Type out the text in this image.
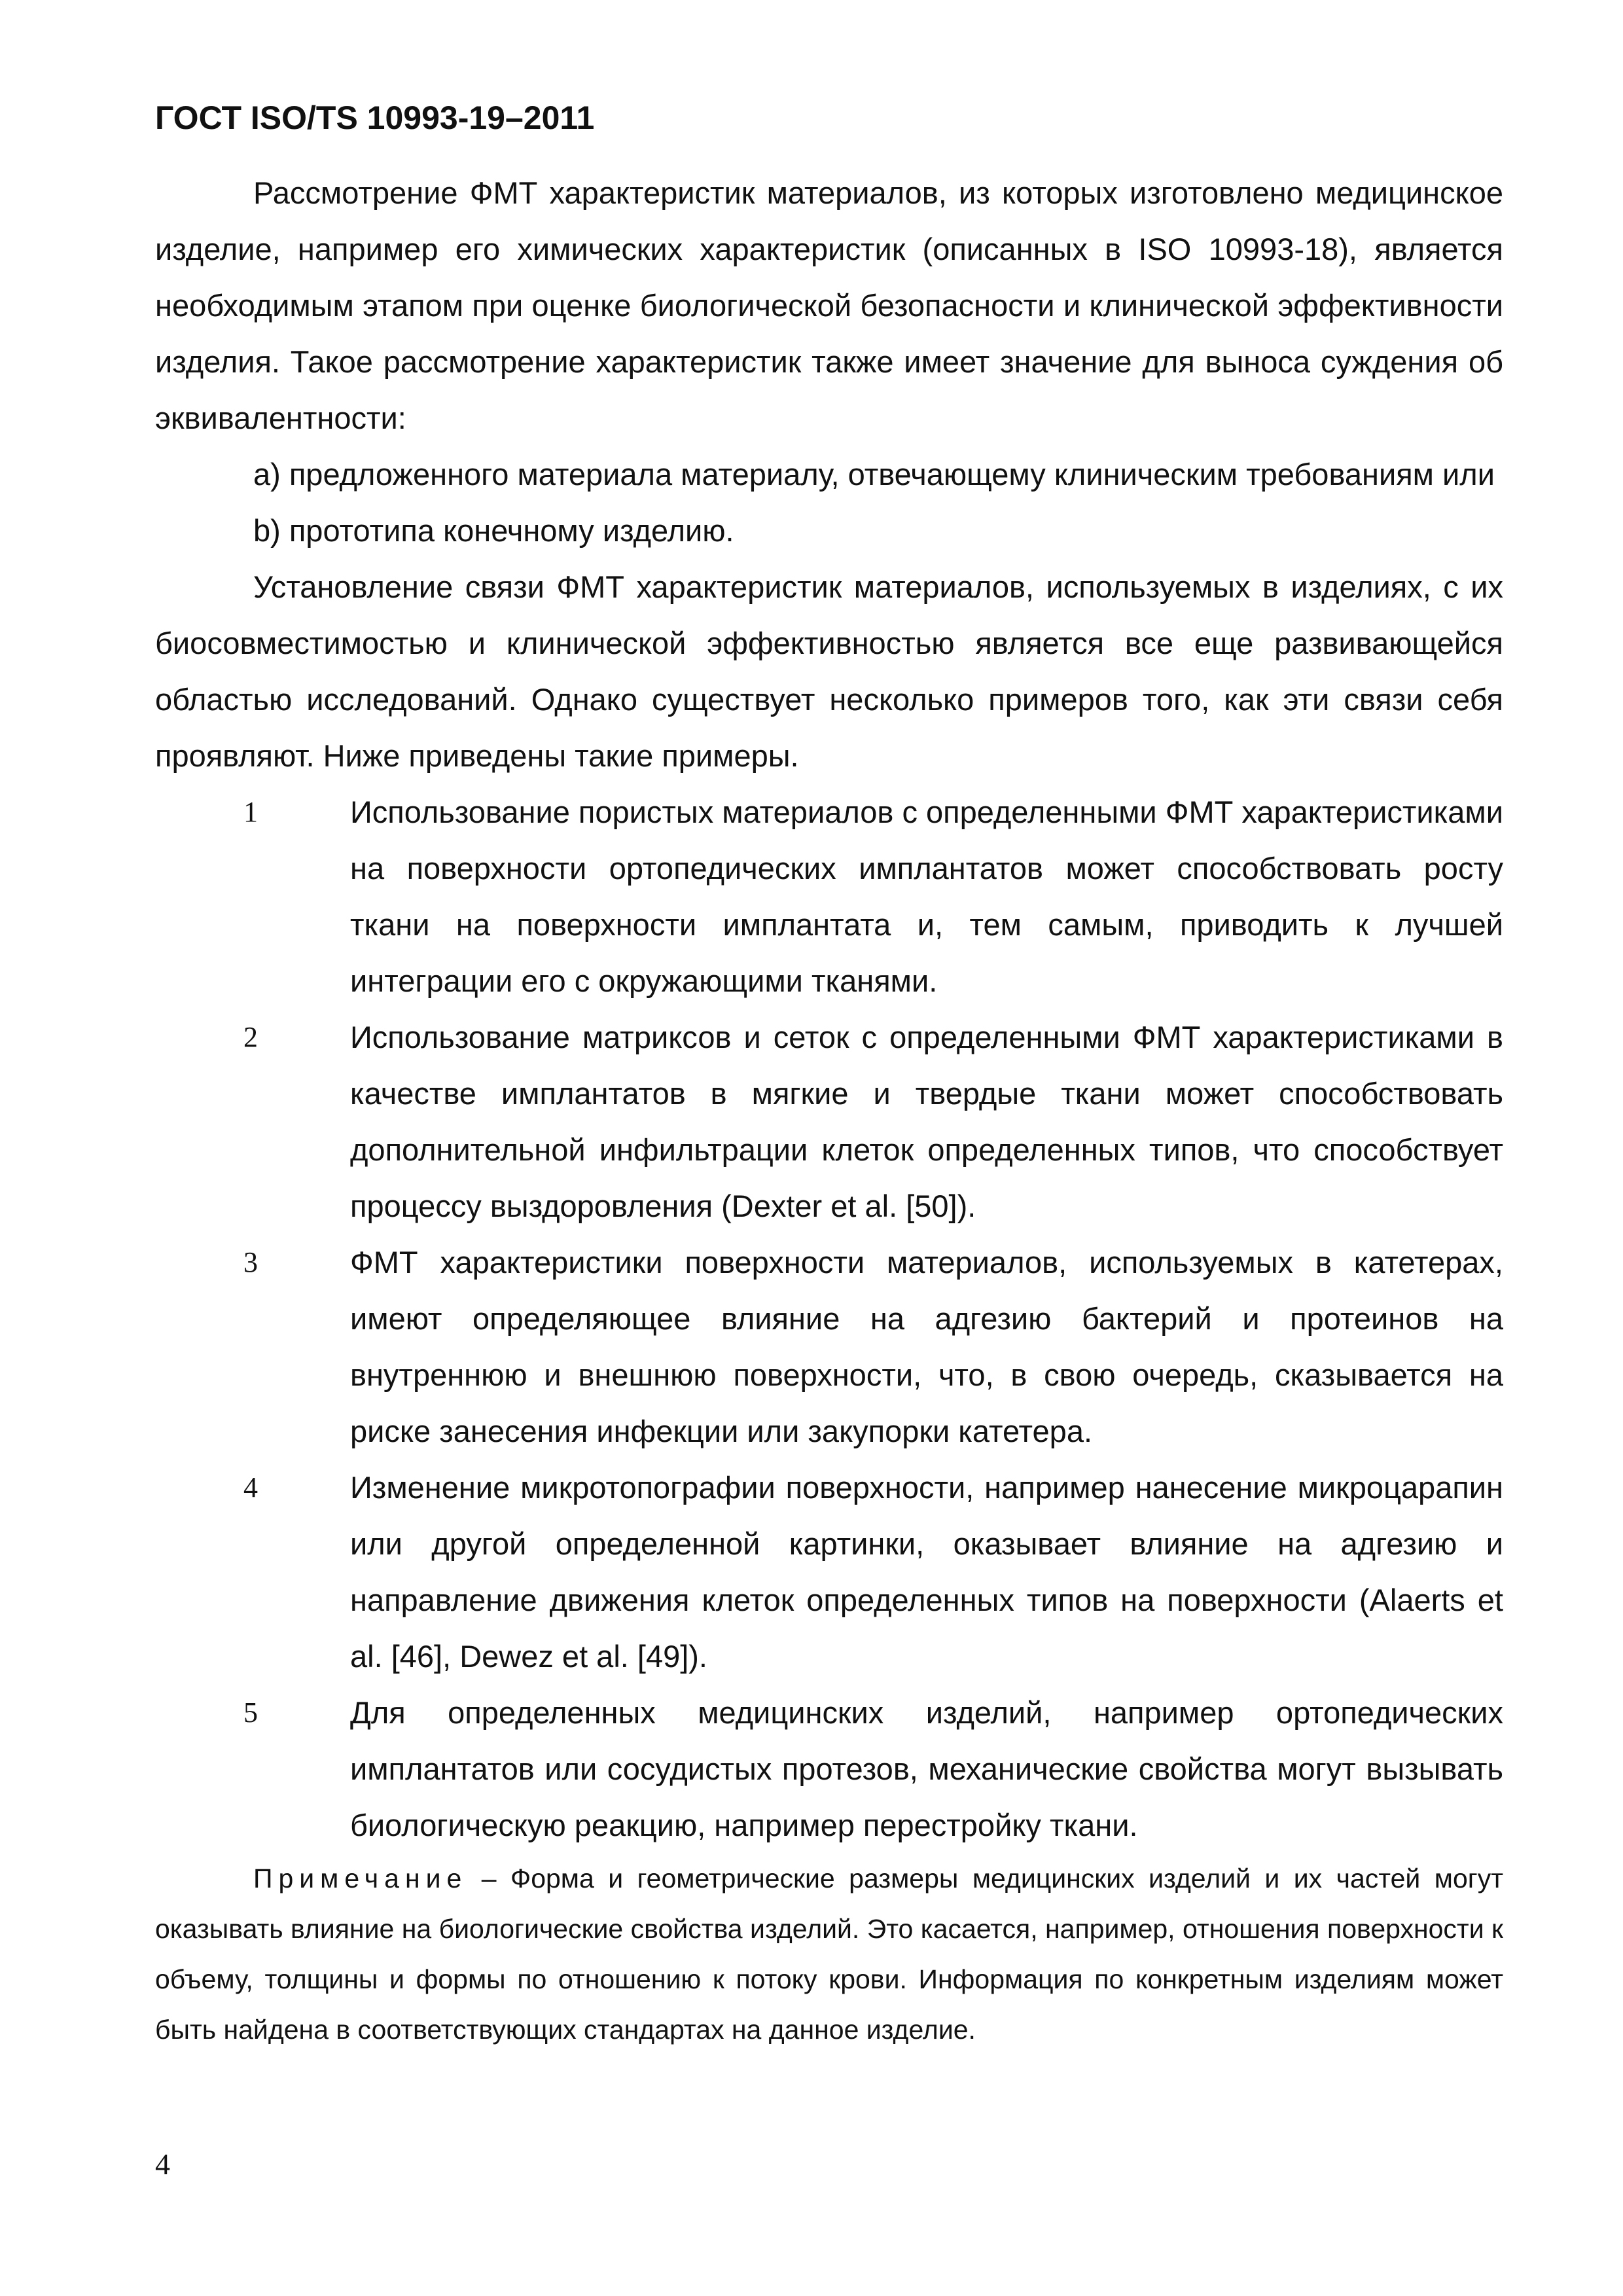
ГОСТ ISO/TS 10993-19–2011

Рассмотрение ФМТ характеристик материалов, из которых изготовлено медицинское изделие, например его химических характеристик (описанных в ISO 10993-18), является необходимым этапом при оценке биологической безопасности и клинической эффективности изделия. Такое рассмотрение характеристик также имеет значение для выноса суждения об эквивалентности:

a) предложенного материала материалу, отвечающему клиническим требованиям или

b) прототипа конечному изделию.

Установление связи ФМТ характеристик материалов, используемых в изделиях, с их биосовместимостью и клинической эффективностью является все еще развивающейся областью исследований. Однако существует несколько примеров того, как эти связи себя проявляют. Ниже приведены такие примеры.

1	Использование пористых материалов с определенными ФМТ характеристиками на поверхности ортопедических имплантатов может способствовать росту ткани на поверхности имплантата и, тем самым, приводить к лучшей интеграции его с окружающими тканями.
2	Использование матриксов и сеток с определенными ФМТ характеристиками в качестве имплантатов в мягкие и твердые ткани может способствовать дополнительной инфильтрации клеток определенных типов, что способствует процессу выздоровления (Dexter et al. [50]).
3	ФМТ характеристики поверхности материалов, используемых в катетерах, имеют определяющее влияние на адгезию бактерий и протеинов на внутреннюю и внешнюю поверхности, что, в свою очередь, сказывается на риске занесения инфекции или закупорки катетера.
4	Изменение микротопографии поверхности, например нанесение микроцарапин или другой определенной картинки, оказывает влияние на адгезию и направление движения клеток определенных типов на поверхности (Alaerts et al. [46], Dewez et al. [49]).
5	Для определенных медицинских изделий, например ортопедических имплантатов или сосудистых протезов, механические свойства могут вызывать биологическую реакцию, например перестройку ткани.

Примечание – Форма и геометрические размеры медицинских изделий и их частей могут оказывать влияние на биологические свойства изделий. Это касается, например, отношения поверхности к объему, толщины и формы по отношению к потоку крови. Информация по конкретным изделиям может быть найдена в соответствующих стандартах на данное изделие.

4
